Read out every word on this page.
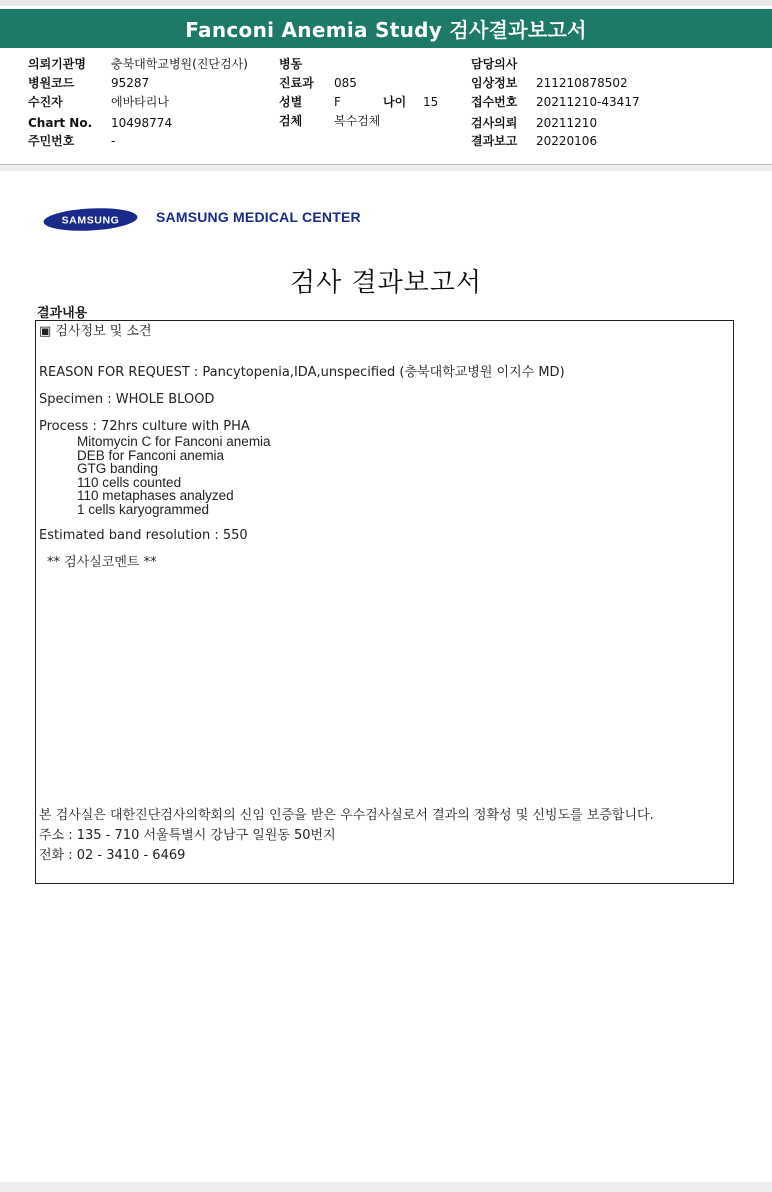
Fanconi Anemia Study 검사결과보고서
의뢰기관명 충북대학교병원(진단검사)
병원코드	95287
수진자	에바타리나
Chart No. 10498774
주민번호	-
병동
진료과 085
성별	F	나이 15
검체	복수검체
담당의사
임상정보 211210878502
접수번호 20211210-43417
검사의뢰 20211210
결과보고 20220106
SAMSUNG	SAMSUNG MEDICAL CENTER
검사 결과보고서
결과내용
▣ 검사정보 및 소견
REASON FOR REQUEST : Pancytopenia,IDA,unspecified (충북대학교병원 이지수 MD)
Specimen : WHOLE BLOOD
Process : 72hrs culture with PHA
Mitomycin C for Fanconi anemia
DEB for Fanconi anemia
GTG banding
110 cells counted
110 metaphases analyzed
1 cells karyogrammed
Estimated band resolution : 550
** 검사실코멘트 **
본 검사실은 대한진단검사의학회의 신임 인증을 받은 우수검사실로서 결과의 정확성 및 신빙도를 보증합니다.
주소 : 135 - 710 서울특별시 강남구 일원동 50번지
전화 : 02 - 3410 - 6469
